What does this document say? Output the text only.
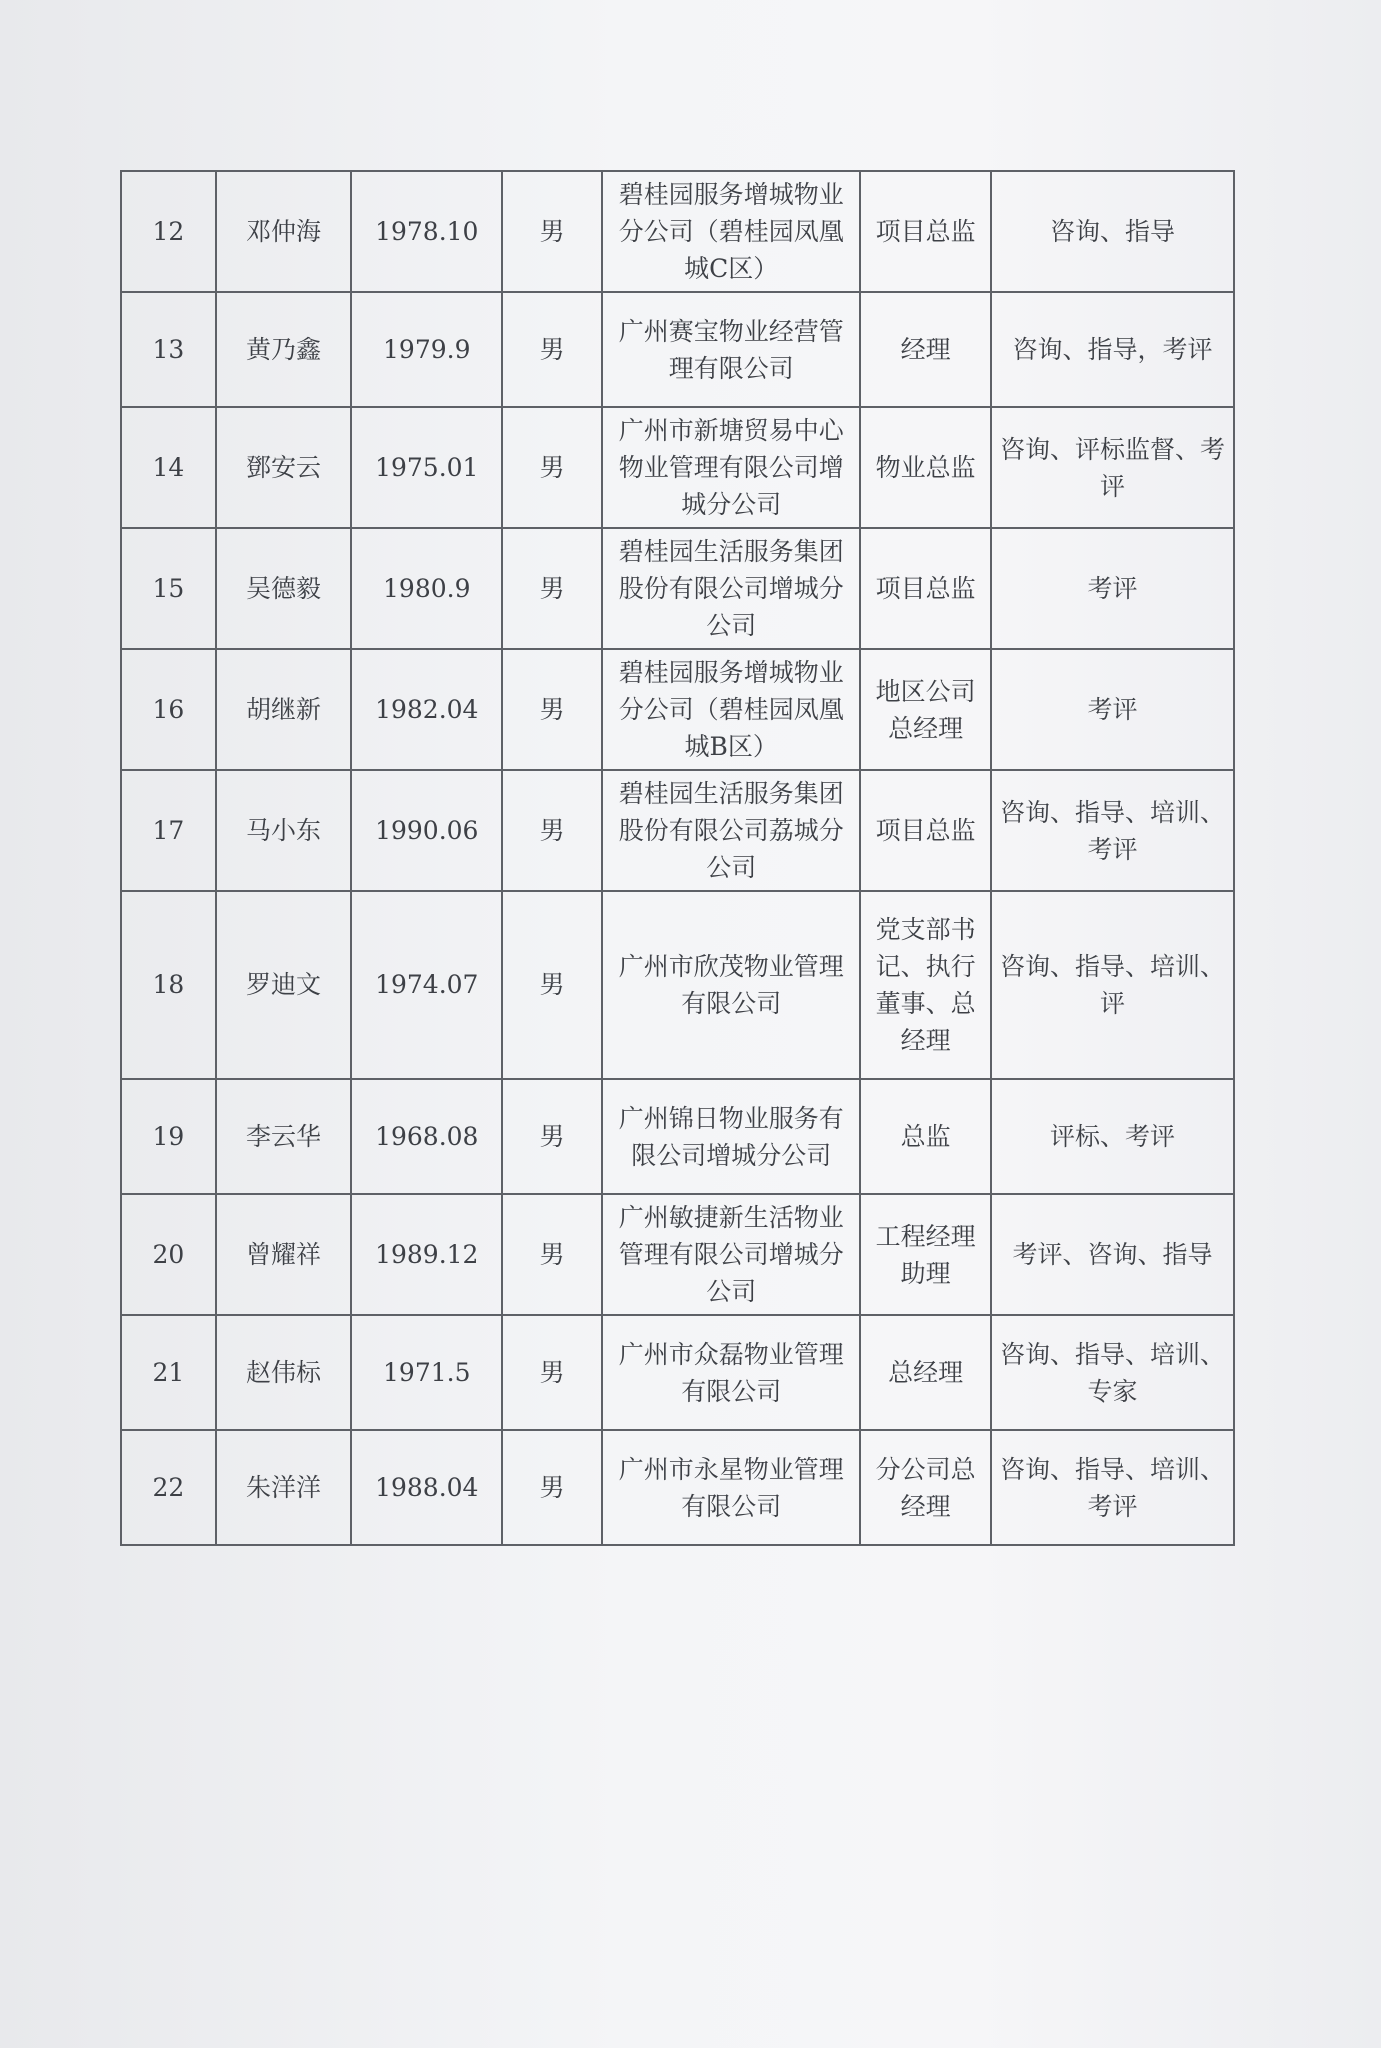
12	邓仲海	1978.10	男	碧桂园服务增城物业分公司（碧桂园凤凰城C区）	项目总监	咨询、指导
13	黄乃鑫	1979.9	男	广州赛宝物业经营管理有限公司	经理	咨询、指导，考评
14	鄧安云	1975.01	男	广州市新塘贸易中心物业管理有限公司增城分公司	物业总监	咨询、评标监督、考评
15	吴德毅	1980.9	男	碧桂园生活服务集团股份有限公司增城分公司	项目总监	考评
16	胡继新	1982.04	男	碧桂园服务增城物业分公司（碧桂园凤凰城B区）	地区公司总经理	考评
17	马小东	1990.06	男	碧桂园生活服务集团股份有限公司荔城分公司	项目总监	咨询、指导、培训、考评
18	罗迪文	1974.07	男	广州市欣茂物业管理有限公司	党支部书记、执行董事、总经理	咨询、指导、培训、评
19	李云华	1968.08	男	广州锦日物业服务有限公司增城分公司	总监	评标、考评
20	曾耀祥	1989.12	男	广州敏捷新生活物业管理有限公司增城分公司	工程经理助理	考评、咨询、指导
21	赵伟标	1971.5	男	广州市众磊物业管理有限公司	总经理	咨询、指导、培训、专家
22	朱洋洋	1988.04	男	广州市永星物业管理有限公司	分公司总经理	咨询、指导、培训、考评
